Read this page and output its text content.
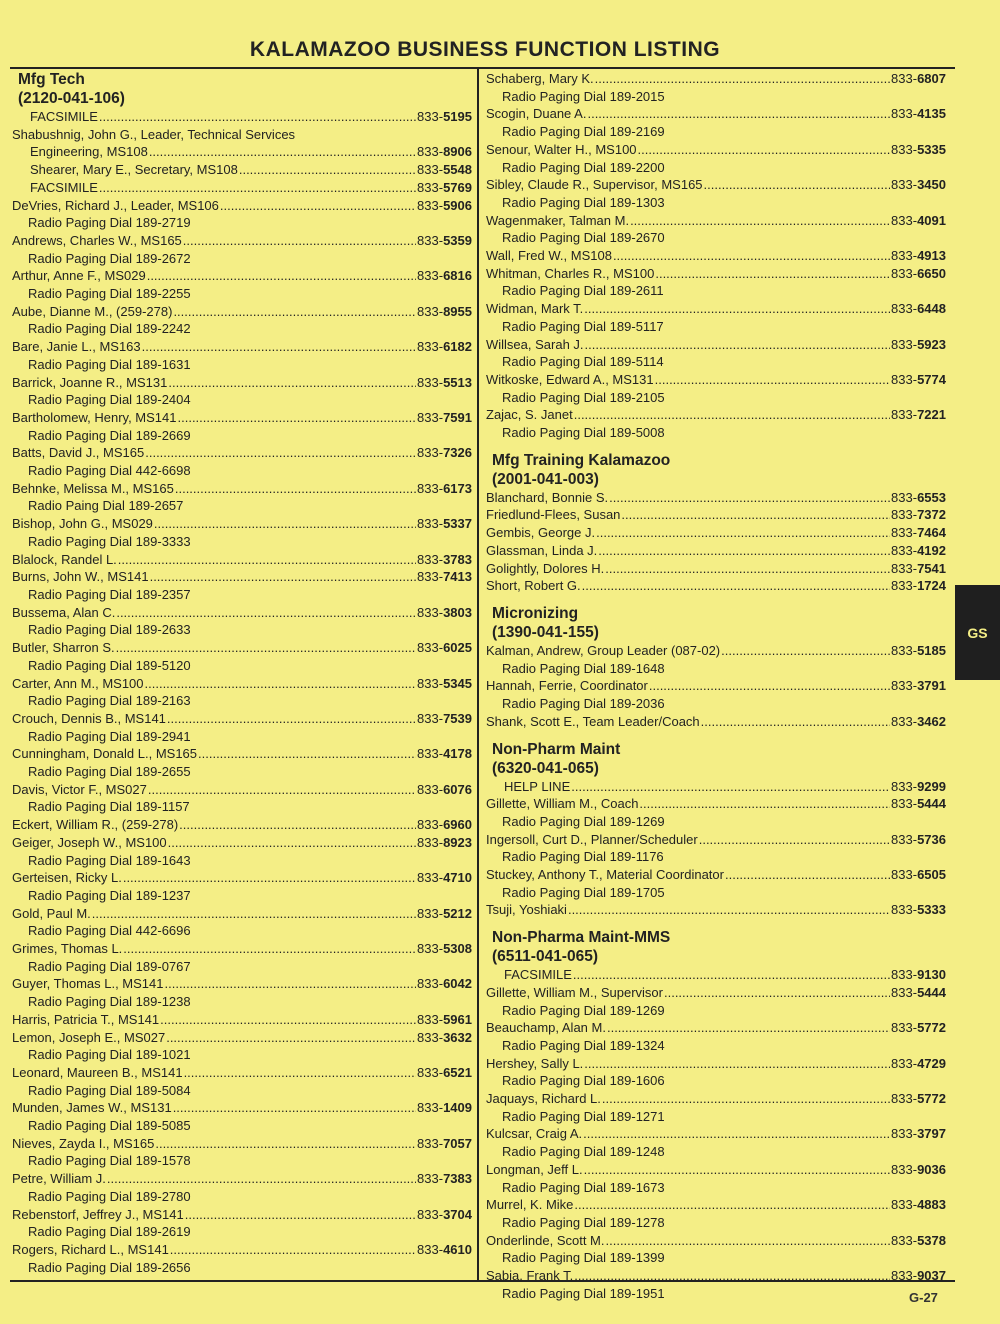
KALAMAZOO BUSINESS FUNCTION LISTING
Mfg Tech
(2120-041-106)
FACSIMILE .....	833-5195
Shabushnig, John G., Leader, Technical Services
Engineering, MS108 .....	833-8906
Shearer, Mary E., Secretary, MS108 .....	833-5548
FACSIMILE .....	833-5769
DeVries, Richard J., Leader, MS106 .....	833-5906
Radio Paging Dial 189-2719
Andrews, Charles W., MS165 .....	833-5359
Radio Paging Dial 189-2672
Arthur, Anne F., MS029 .....	833-6816
Radio Paging Dial 189-2255
Aube, Dianne M., (259-278) .....	833-8955
Radio Paging Dial 189-2242
Bare, Janie L., MS163 .....	833-6182
Radio Paging Dial 189-1631
Barrick, Joanne R., MS131 .....	833-5513
Radio Paging Dial 189-2404
Bartholomew, Henry, MS141 .....	833-7591
Radio Paging Dial 189-2669
Batts, David J., MS165 .....	833-7326
Radio Paging Dial 442-6698
Behnke, Melissa M., MS165 .....	833-6173
Radio Paing Dial 189-2657
Bishop, John G., MS029 .....	833-5337
Radio Paging Dial 189-3333
Blalock, Randel L. .....	833-3783
Burns, John W., MS141 .....	833-7413
Radio Paging Dial 189-2357
Bussema, Alan C. .....	833-3803
Radio Paging Dial 189-2633
Butler, Sharron S. .....	833-6025
Radio Paging Dial 189-5120
Carter, Ann M., MS100 .....	833-5345
Radio Paging Dial 189-2163
Crouch, Dennis B., MS141 .....	833-7539
Radio Paging Dial 189-2941
Cunningham, Donald L., MS165 .....	833-4178
Radio Paging Dial 189-2655
Davis, Victor F., MS027 .....	833-6076
Radio Paging Dial 189-1157
Eckert, William R., (259-278) .....	833-6960
Geiger, Joseph W., MS100 .....	833-8923
Radio Paging Dial 189-1643
Gerteisen, Ricky L. .....	833-4710
Radio Paging Dial 189-1237
Gold, Paul M. .....	833-5212
Radio Paging Dial 442-6696
Grimes, Thomas L. .....	833-5308
Radio Paging Dial 189-0767
Guyer, Thomas L., MS141 .....	833-6042
Radio Paging Dial 189-1238
Harris, Patricia T., MS141 .....	833-5961
Lemon, Joseph E., MS027 .....	833-3632
Radio Paging Dial 189-1021
Leonard, Maureen B., MS141 .....	833-6521
Radio Paging Dial 189-5084
Munden, James W., MS131 .....	833-1409
Radio Paging Dial 189-5085
Nieves, Zayda I., MS165 .....	833-7057
Radio Paging Dial 189-1578
Petre, William J. .....	833-7383
Radio Paging Dial 189-2780
Rebenstorf, Jeffrey J., MS141 .....	833-3704
Radio Paging Dial 189-2619
Rogers, Richard L., MS141 .....	833-4610
Radio Paging Dial 189-2656
Schaberg, Mary K. .....	833-6807
Radio Paging Dial 189-2015
Scogin, Duane A. .....	833-4135
Radio Paging Dial 189-2169
Senour, Walter H., MS100 .....	833-5335
Radio Paging Dial 189-2200
Sibley, Claude R., Supervisor, MS165 .....	833-3450
Radio Paging Dial 189-1303
Wagenmaker, Talman M. .....	833-4091
Radio Paging Dial 189-2670
Wall, Fred W., MS108 .....	833-4913
Whitman, Charles R., MS100 .....	833-6650
Radio Paging Dial 189-2611
Widman, Mark T. .....	833-6448
Radio Paging Dial 189-5117
Willsea, Sarah J. .....	833-5923
Radio Paging Dial 189-5114
Witkoske, Edward A., MS131 .....	833-5774
Radio Paging Dial 189-2105
Zajac, S. Janet .....	833-7221
Radio Paging Dial 189-5008
Mfg Training Kalamazoo
(2001-041-003)
Blanchard, Bonnie S. .....	833-6553
Friedlund-Flees, Susan .....	833-7372
Gembis, George J. .....	833-7464
Glassman, Linda J. .....	833-4192
Golightly, Dolores H. .....	833-7541
Short, Robert G. .....	833-1724
Micronizing
(1390-041-155)
Kalman, Andrew, Group Leader (087-02) .....	833-5185
Radio Paging Dial 189-1648
Hannah, Ferrie, Coordinator .....	833-3791
Radio Paging Dial 189-2036
Shank, Scott E., Team Leader/Coach .....	833-3462
Non-Pharm Maint
(6320-041-065)
HELP LINE .....	833-9299
Gillette, William M., Coach .....	833-5444
Radio Paging Dial 189-1269
Ingersoll, Curt D., Planner/Scheduler .....	833-5736
Radio Paging Dial 189-1176
Stuckey, Anthony T., Material Coordinator .....	833-6505
Radio Paging Dial 189-1705
Tsuji, Yoshiaki .....	833-5333
Non-Pharma Maint-MMS
(6511-041-065)
FACSIMILE .....	833-9130
Gillette, William M., Supervisor .....	833-5444
Radio Paging Dial 189-1269
Beauchamp, Alan M. .....	833-5772
Radio Paging Dial 189-1324
Hershey, Sally L. .....	833-4729
Radio Paging Dial 189-1606
Jaquays, Richard L. .....	833-5772
Radio Paging Dial 189-1271
Kulcsar, Craig A. .....	833-3797
Radio Paging Dial 189-1248
Longman, Jeff L. .....	833-9036
Radio Paging Dial 189-1673
Murrel, K. Mike .....	833-4883
Radio Paging Dial 189-1278
Onderlinde, Scott M. .....	833-5378
Radio Paging Dial 189-1399
Sabia, Frank T. .....	833-9037
Radio Paging Dial 189-1951
GS
G-27
